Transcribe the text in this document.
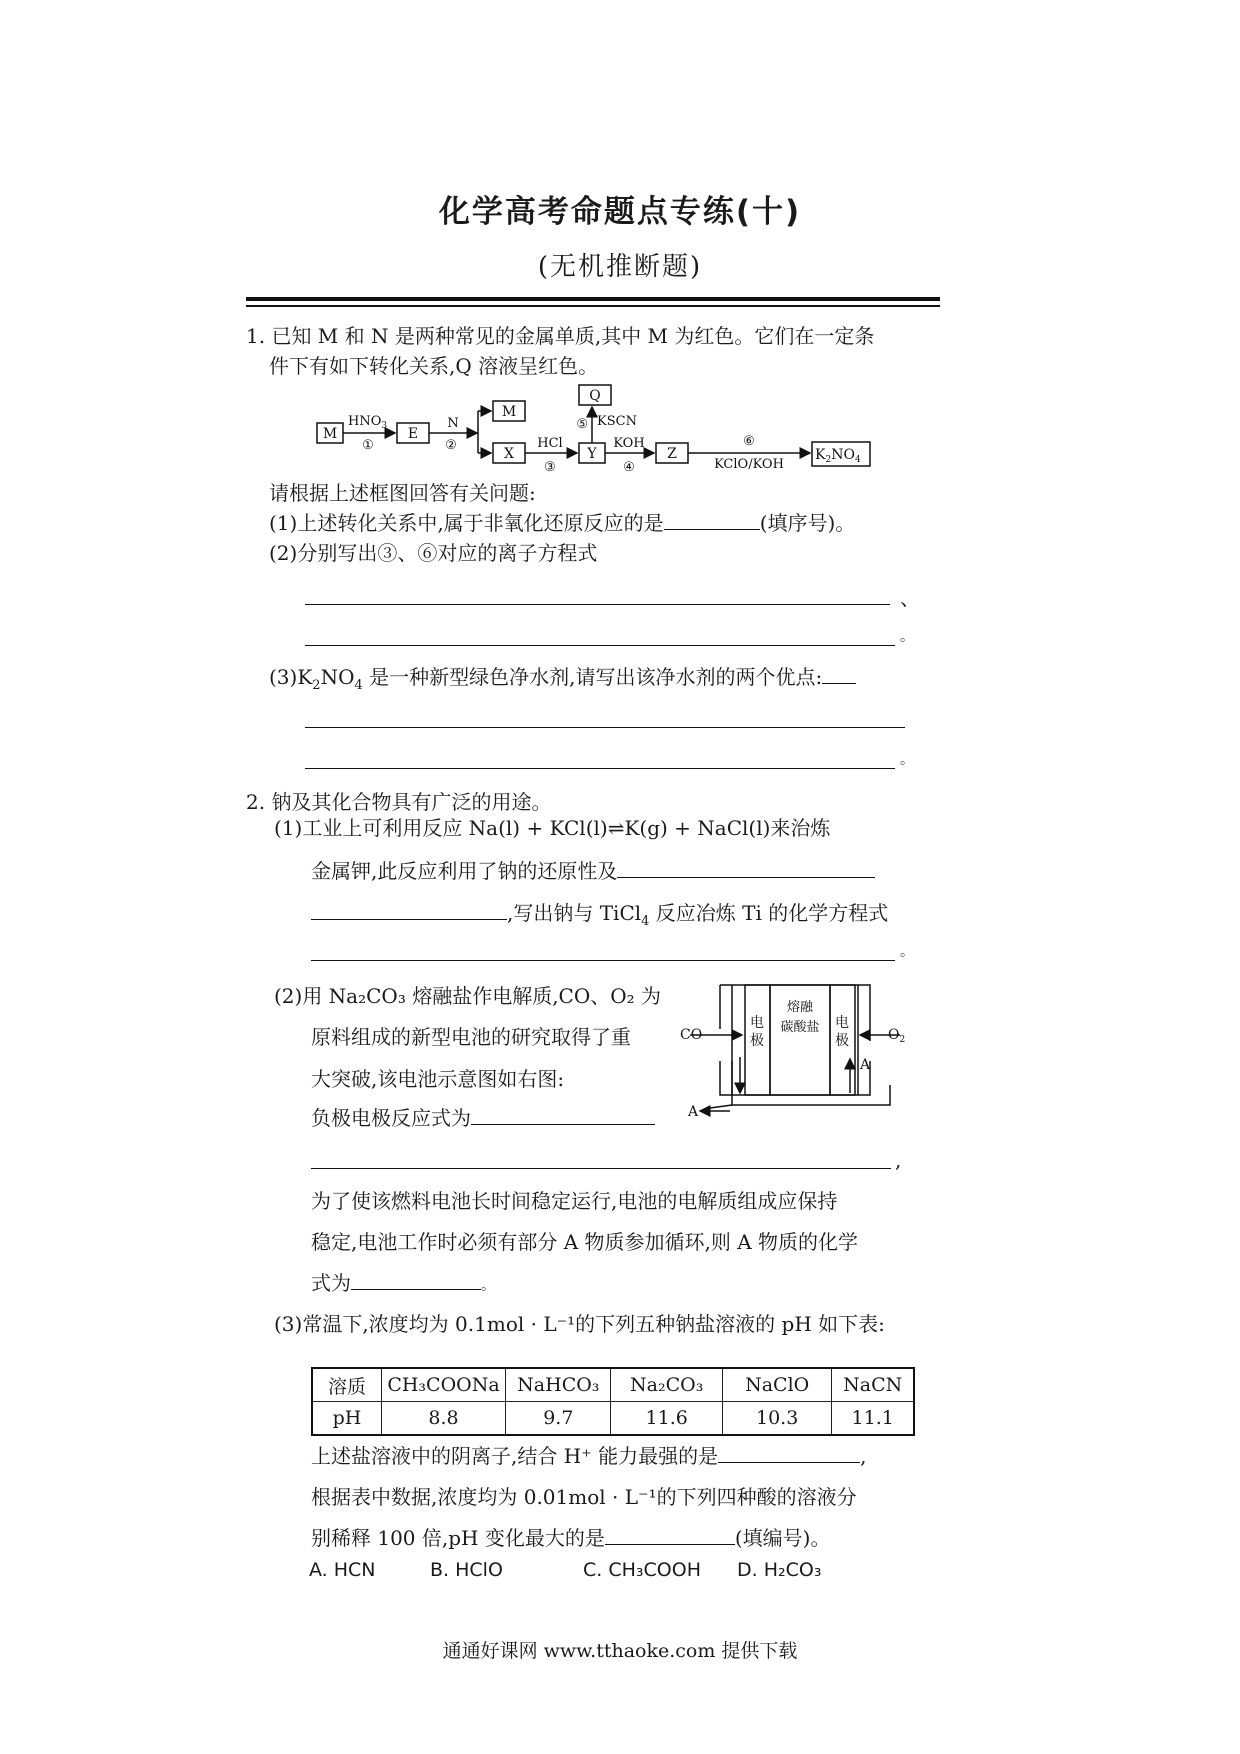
化学高考命题点专练(十)
(无机推断题)
1. 已知 M 和 N 是两种常见的金属单质,其中 M 为红色。它们在一定条
件下有如下转化关系,Q 溶液呈红色。
M	E
M
X	Y
Q
Z	$K_2NO_4$
$HNO_3$
①
N
②	HCl
③
KOH
④
⑤ KSCN
⑥
KClO/KOH
请根据上述框图回答有关问题:
(1)上述转化关系中,属于非氧化还原反应的是	(填序号)。
(2)分别写出③、⑥对应的离子方程式
、
。
$(3)K_2NO_4$ 是一种新型绿色净水剂,请写出该净水剂的两个优点:
。
2. 钠及其化合物具有广泛的用途。
(1)工业上可利用反应 Na(l) + KCl(l)⇌K(g) + NaCl(l)来治炼
金属钾,此反应利用了钠的还原性及
,写出钠与 TiCl$_4$ 反应冶炼 Ti 的化学方程式
。
(2)用 Na₂CO₃ 熔融盐作电解质,CO、O₂ 为
原料组成的新型电池的研究取得了重
大突破,该电池示意图如右图:
负极电极反应式为
CO	$O_2$
电
极
电
极
熔融
碳酸盐
A
A
,
为了使该燃料电池长时间稳定运行,电池的电解质组成应保持
稳定,电池工作时必须有部分 A 物质参加循环,则 A 物质的化学
式为	。
(3)常温下,浓度均为 0.1mol · L⁻¹的下列五种钠盐溶液的 pH 如下表:
溶质	CH₃COONa	NaHCO₃	Na₂CO₃	NaClO	NaCN
pH	8.8	9.7	11.6	10.3	11.1
上述盐溶液中的阴离子,结合 H⁺ 能力最强的是	,
根据表中数据,浓度均为 0.01mol · L⁻¹的下列四种酸的溶液分
别稀释 100 倍,pH 变化最大的是	(填编号)。
A. HCN	B. HClO	C. CH₃COOH D. H₂CO₃
通通好课网 www.tthaoke.com 提供下载
